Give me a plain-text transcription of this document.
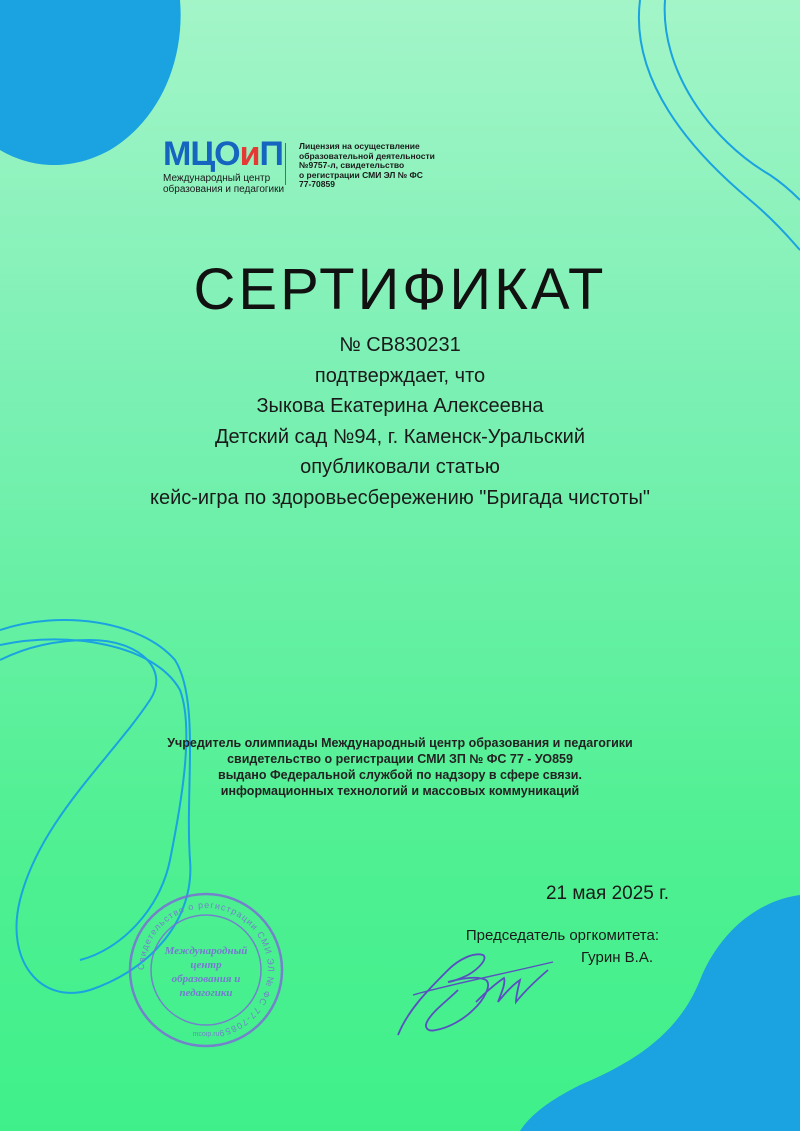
МЦОиП
Международный центр
образования и педагогики
Лицензия на осуществление
образовательной деятельности
№9757-л, свидетельство
о регистрации СМИ ЭЛ № ФС
77-70859
СЕРТИФИКАТ
№ СВ830231
подтверждает, что
Зыкова Екатерина Алексеевна
Детский сад №94, г. Каменск-Уральский
опубликовали статью
кейс-игра по здоровьесбережению "Бригада чистоты"
Учредитель олимпиады Международный центр образования и педагогики
свидетельство о регистрации СМИ ЗП № ФС 77 - УО859
выдано Федеральной службой по надзору в сфере связи.
информационных технологий и массовых коммуникаций
21 мая 2025 г.
Председатель оргкомитета:
Гурин В.А.
Свидетельство о регистрации СМИ ЭЛ № ФС 77-70859
Международный
центр
образования и
педагогики
mcoip.ru
